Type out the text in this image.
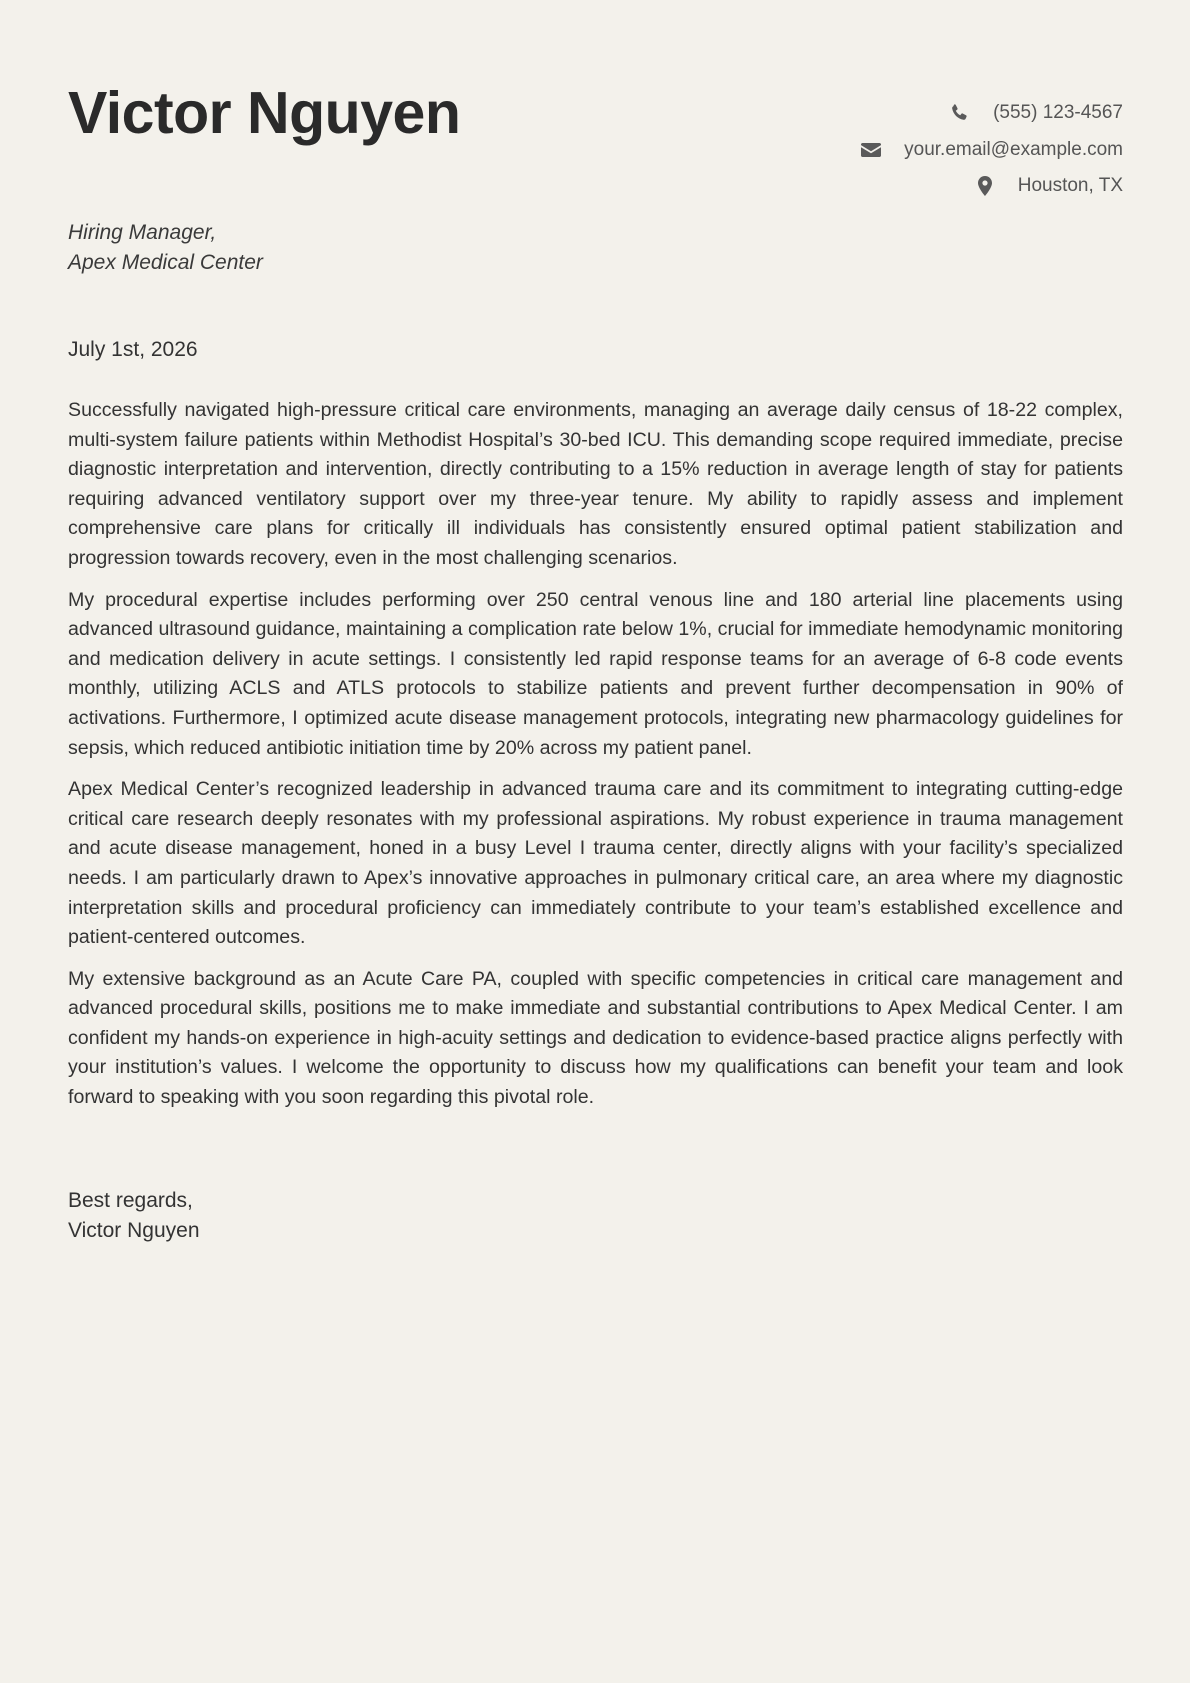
Victor Nguyen	(555) 123-4567
your.email@example.com
Houston, TX
Hiring Manager,
Apex Medical Center
July 1st, 2026

Successfully navigated high-pressure critical care environments, managing an average daily census of 18-22 complex, multi-system failure patients within Methodist Hospital’s 30-bed ICU. This demanding scope required immediate, precise diagnostic interpretation and intervention, directly contributing to a 15% reduction in average length of stay for patients requiring advanced ventilatory support over my three-year tenure. My ability to rapidly assess and implement comprehensive care plans for critically ill individuals has consistently ensured optimal patient stabilization and progression towards recovery, even in the most challenging scenarios.

My procedural expertise includes performing over 250 central venous line and 180 arterial line placements using advanced ultrasound guidance, maintaining a complication rate below 1%, crucial for immediate hemodynamic monitoring and medication delivery in acute settings. I consistently led rapid response teams for an average of 6-8 code events monthly, utilizing ACLS and ATLS protocols to stabilize patients and prevent further decompensation in 90% of activations. Furthermore, I optimized acute disease management protocols, integrating new pharmacology guidelines for sepsis, which reduced antibiotic initiation time by 20% across my patient panel.

Apex Medical Center’s recognized leadership in advanced trauma care and its commitment to integrating cutting-edge critical care research deeply resonates with my professional aspirations. My robust experience in trauma management and acute disease management, honed in a busy Level I trauma center, directly aligns with your facility’s specialized needs. I am particularly drawn to Apex’s innovative approaches in pulmonary critical care, an area where my diagnostic interpretation skills and procedural proficiency can immediately contribute to your team’s established excellence and patient-centered outcomes.

My extensive background as an Acute Care PA, coupled with specific competencies in critical care management and advanced procedural skills, positions me to make immediate and substantial contributions to Apex Medical Center. I am confident my hands-on experience in high-acuity settings and dedication to evidence-based practice aligns perfectly with your institution’s values. I welcome the opportunity to discuss how my qualifications can benefit your team and look forward to speaking with you soon regarding this pivotal role.

Best regards,
Victor Nguyen
